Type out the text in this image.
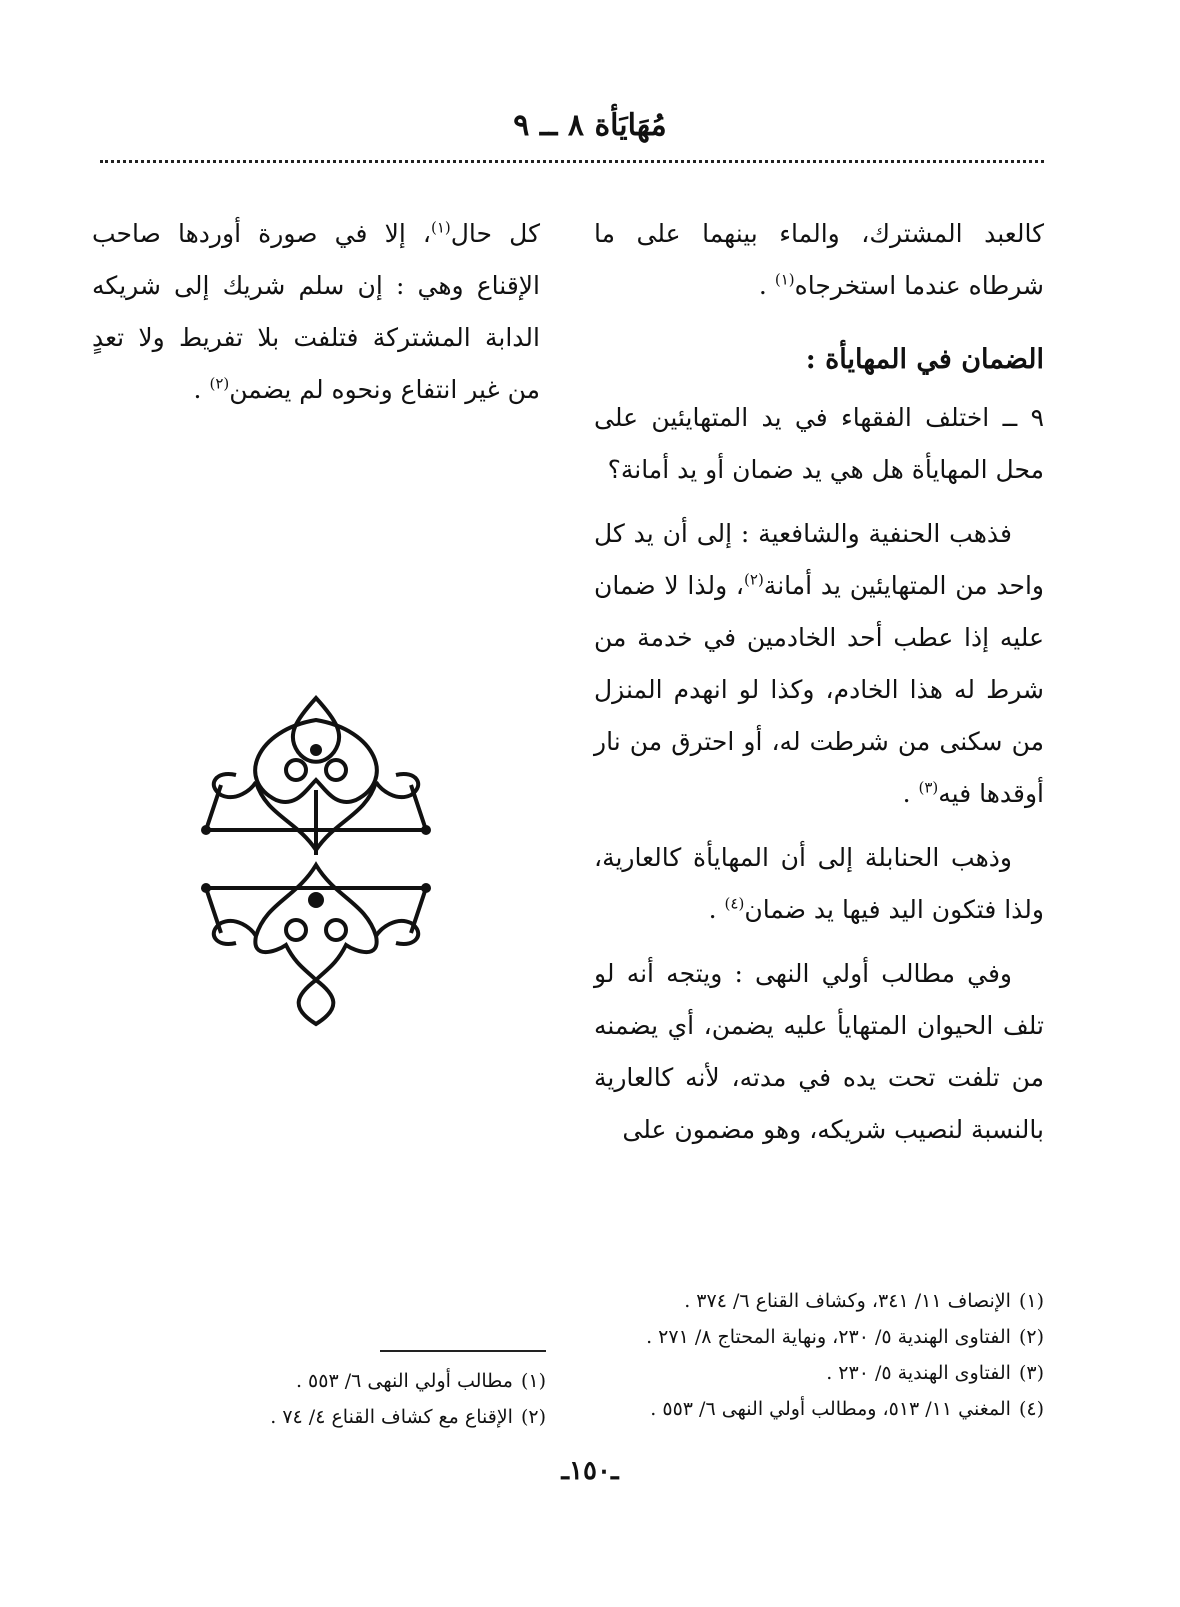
مُهَايَأة ٨ ــ ٩

كالعبد المشترك، والماء بينهما على ما شرطاه عندما استخرجاه$^{(١)}$ .

الضمان في المهايأة :

٩ ــ اختلف الفقهاء في يد المتهايئين على محل المهايأة هل هي يد ضمان أو يد أمانة؟

فذهب الحنفية والشافعية : إلى أن يد كل واحد من المتهايئين يد أمانة$^{(٢)}$، ولذا لا ضمان عليه إذا عطب أحد الخادمين في خدمة من شرط له هذا الخادم، وكذا لو انهدم المنزل من سكنى من شرطت له، أو احترق من نار أوقدها فيه$^{(٣)}$ .

وذهب الحنابلة إلى أن المهايأة كالعارية، ولذا فتكون اليد فيها يد ضمان$^{(٤)}$ .

وفي مطالب أولي النهى : ويتجه أنه لو تلف الحيوان المتهايأ عليه يضمن، أي يضمنه من تلفت تحت يده في مدته، لأنه كالعارية بالنسبة لنصيب شريكه، وهو مضمون على

كل حال$^{(١)}$، إلا في صورة أوردها صاحب الإقناع وهي : إن سلم شريك إلى شريكه الدابة المشتركة فتلفت بلا تفريط ولا تعدٍ من غير انتفاع ونحوه لم يضمن$^{(٢)}$ .

(١)الإنصاف ١١/ ٣٤١، وكشاف القناع ٦/ ٣٧٤ .
(٢)الفتاوى الهندية ٥/ ٢٣٠، ونهاية المحتاج ٨/ ٢٧١ .
(٣)الفتاوى الهندية ٥/ ٢٣٠ .
(٤)المغني ١١/ ٥١٣، ومطالب أولي النهى ٦/ ٥٥٣ .
(١)مطالب أولي النهى ٦/ ٥٥٣ .
(٢)الإقناع مع كشاف القناع ٤/ ٧٤ .
ـ١٥٠ـ
